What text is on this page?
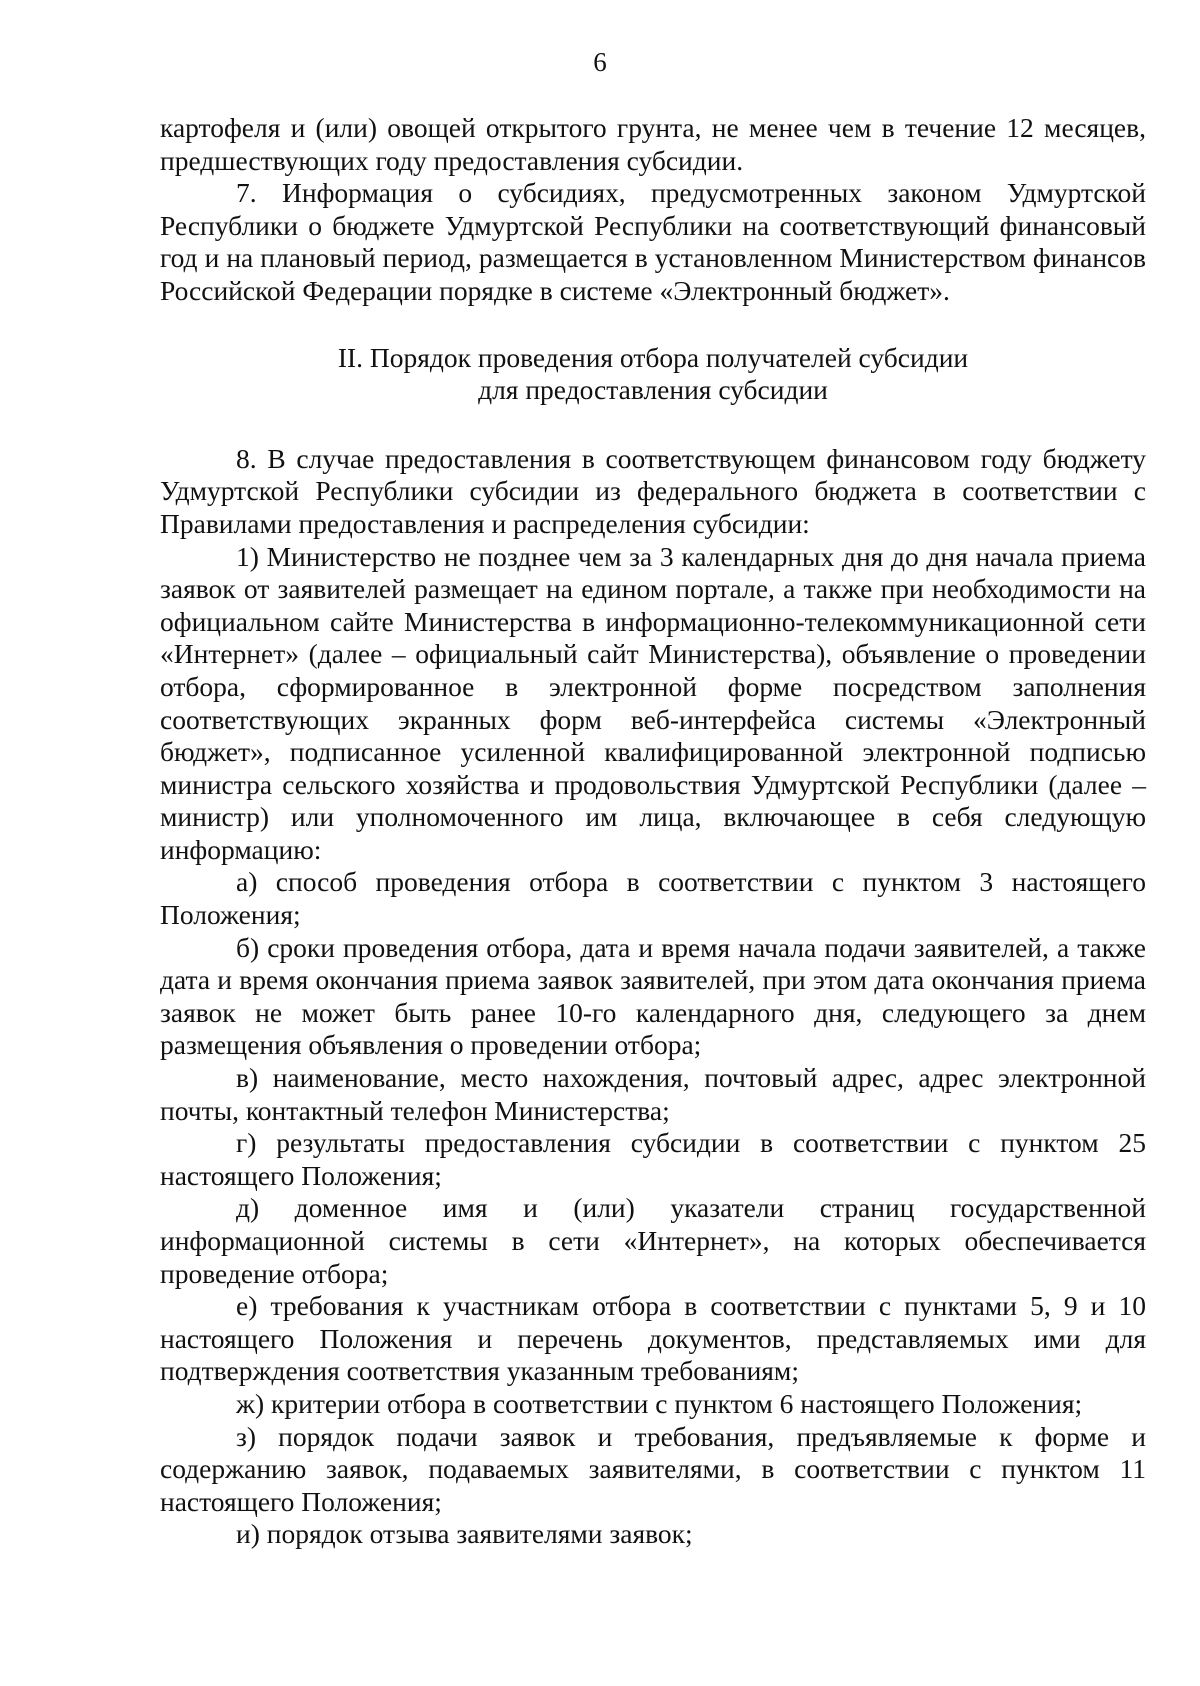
6

картофеля и (или) овощей открытого грунта, не менее чем в течение 12 месяцев, предшествующих году предоставления субсидии.

7. Информация о субсидиях, предусмотренных законом Удмуртской Республики о бюджете Удмуртской Республики на соответствующий финансовый год и на плановый период, размещается в установленном Министерством финансов Российской Федерации порядке в системе «Электронный бюджет».

II. Порядок проведения отбора получателей субсидии
для предоставления субсидии

8. В случае предоставления в соответствующем финансовом году бюджету Удмуртской Республики субсидии из федерального бюджета в соответствии с Правилами предоставления и распределения субсидии:

1) Министерство не позднее чем за 3 календарных дня до дня начала приема заявок от заявителей размещает на едином портале, а также при необходимости на официальном сайте Министерства в информационно-телекоммуникационной сети «Интернет» (далее – официальный сайт Министерства), объявление о проведении отбора, сформированное в электронной форме посредством заполнения соответствующих экранных форм веб-интерфейса системы «Электронный бюджет», подписанное усиленной квалифицированной электронной подписью министра сельского хозяйства и продовольствия Удмуртской Республики (далее – министр) или уполномоченного им лица, включающее в себя следующую информацию:

а) способ проведения отбора в соответствии с пунктом 3 настоящего Положения;

б) сроки проведения отбора, дата и время начала подачи заявителей, а также дата и время окончания приема заявок заявителей, при этом дата окончания приема заявок не может быть ранее 10-го календарного дня, следующего за днем размещения объявления о проведении отбора;

в) наименование, место нахождения, почтовый адрес, адрес электронной почты, контактный телефон Министерства;

г) результаты предоставления субсидии в соответствии с пунктом 25 настоящего Положения;

д) доменное имя и (или) указатели страниц государственной информационной системы в сети «Интернет», на которых обеспечивается проведение отбора;

е) требования к участникам отбора в соответствии с пунктами 5, 9 и 10 настоящего Положения и перечень документов, представляемых ими для подтверждения соответствия указанным требованиям;

ж) критерии отбора в соответствии с пунктом 6 настоящего Положения;

з) порядок подачи заявок и требования, предъявляемые к форме и содержанию заявок, подаваемых заявителями, в соответствии с пунктом 11 настоящего Положения;

и) порядок отзыва заявителями заявок;
